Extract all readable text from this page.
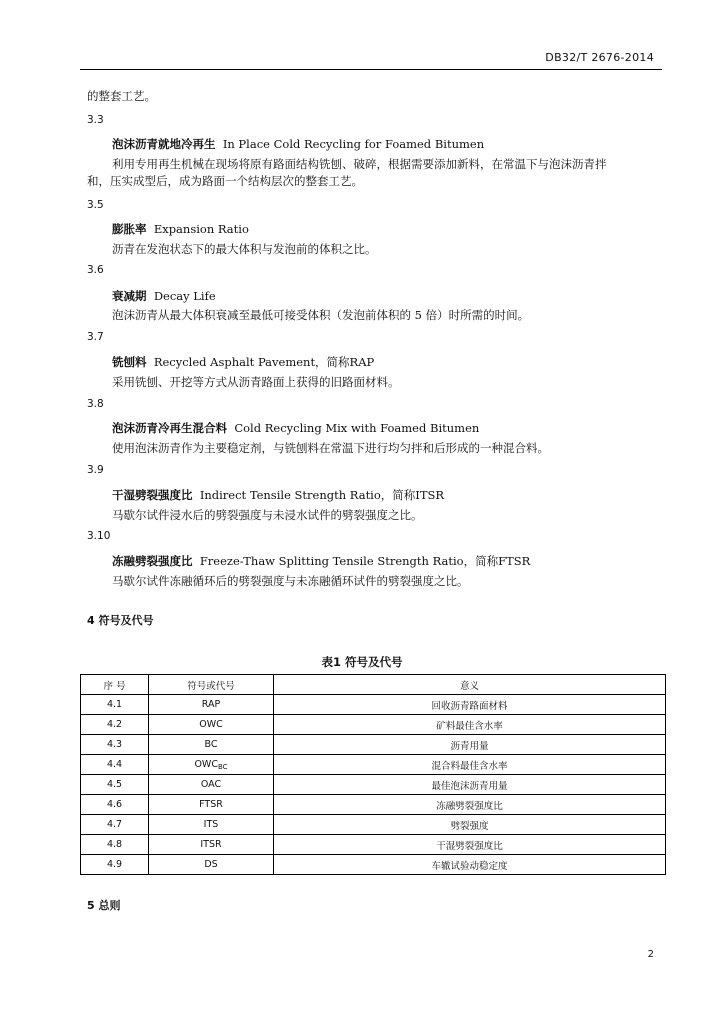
DB32/T 2676-2014
的整套工艺。
3.3
泡沫沥青就地冷再生 In Place Cold Recycling for Foamed Bitumen
利用专用再生机械在现场将原有路面结构铣刨、破碎，根据需要添加新料，在常温下与泡沫沥青拌
和，压实成型后，成为路面一个结构层次的整套工艺。
3.5
膨胀率 Expansion Ratio
沥青在发泡状态下的最大体积与发泡前的体积之比。
3.6
衰减期 Decay Life
泡沫沥青从最大体积衰减至最低可接受体积（发泡前体积的 5 倍）时所需的时间。
3.7
铣刨料 Recycled Asphalt Pavement，简称RAP
采用铣刨、开挖等方式从沥青路面上获得的旧路面材料。
3.8
泡沫沥青冷再生混合料 Cold Recycling Mix with Foamed Bitumen
使用泡沫沥青作为主要稳定剂，与铣刨料在常温下进行均匀拌和后形成的一种混合料。
3.9
干湿劈裂强度比 Indirect Tensile Strength Ratio，简称ITSR
马歇尔试件浸水后的劈裂强度与未浸水试件的劈裂强度之比。
3.10
冻融劈裂强度比 Freeze-Thaw Splitting Tensile Strength Ratio，简称FTSR
马歇尔试件冻融循环后的劈裂强度与未冻融循环试件的劈裂强度之比。
4 符号及代号
表1 符号及代号
序 号	符号或代号	意义
4.1	RAP	回收沥青路面材料
4.2	OWC	矿料最佳含水率
4.3	BC	沥青用量
4.4	$OWC_{BC}$	混合料最佳含水率
4.5	OAC	最佳泡沫沥青用量
4.6	FTSR	冻融劈裂强度比
4.7	ITS	劈裂强度
4.8	ITSR	干湿劈裂强度比
4.9	DS	车辙试验动稳定度
5 总则
2
